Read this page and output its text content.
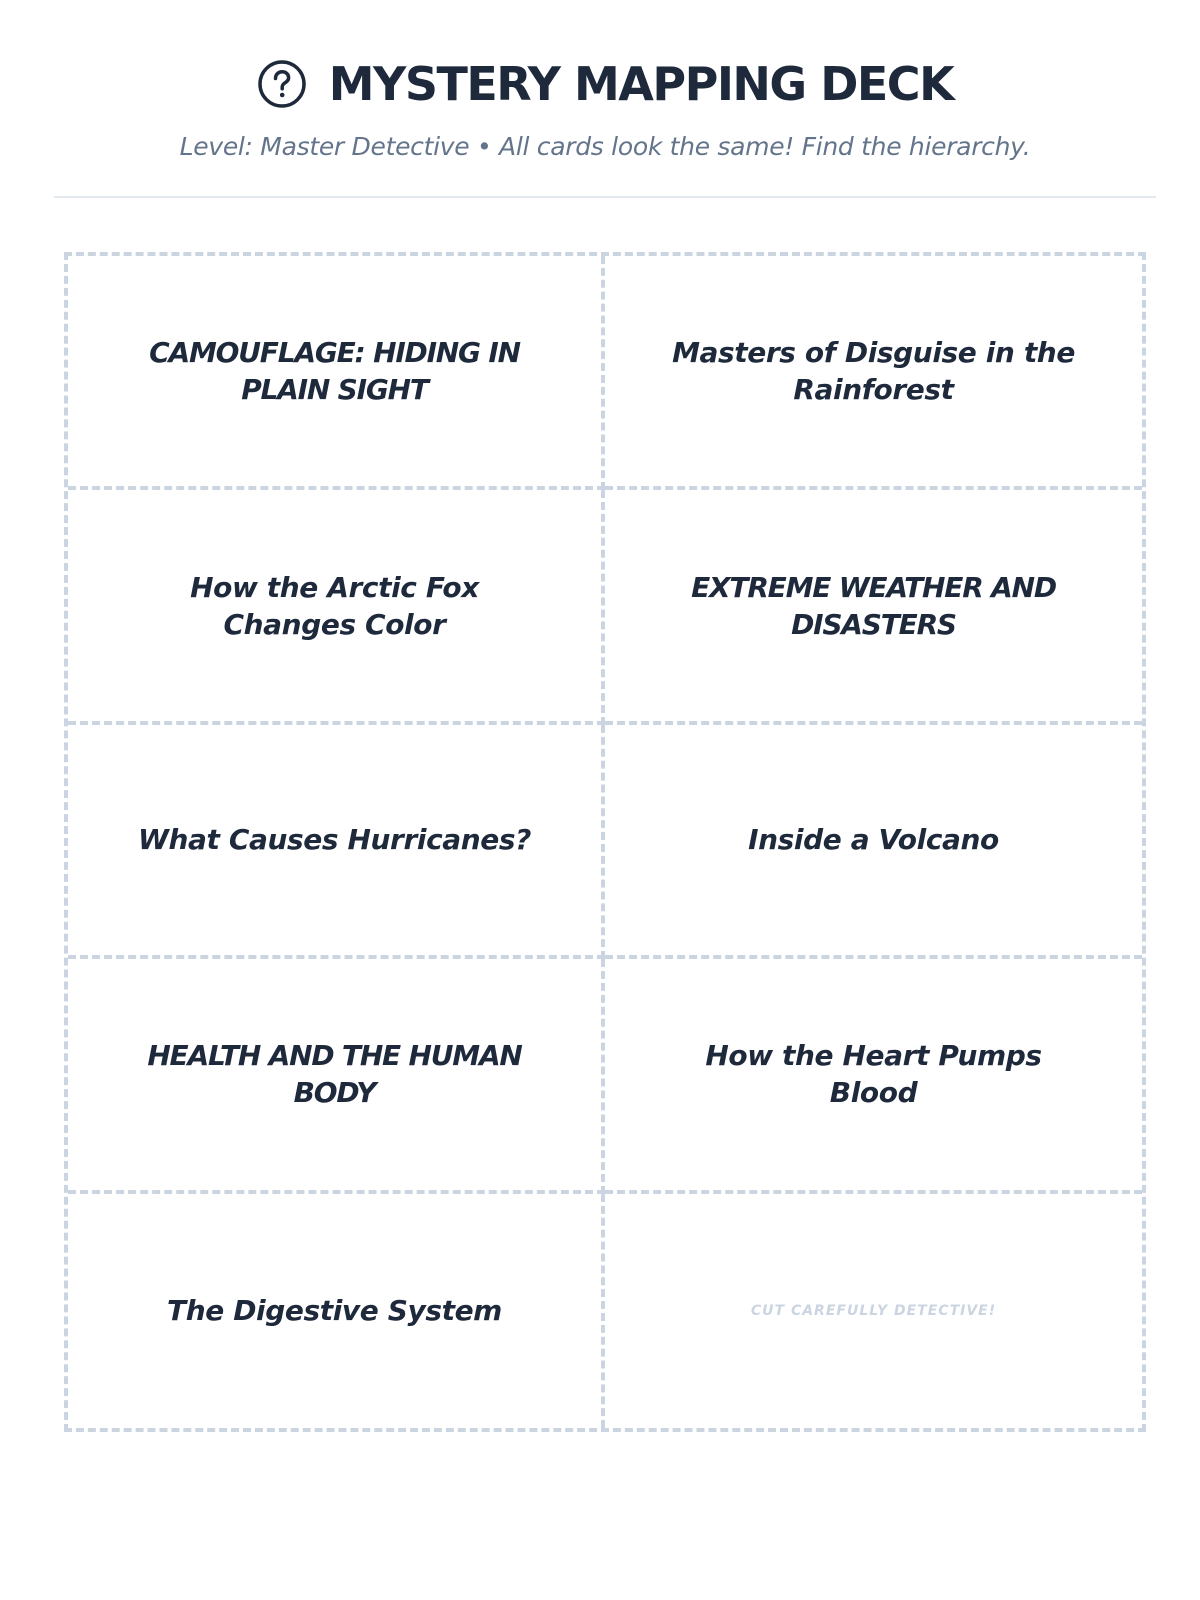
MYSTERY MAPPING DECK
Level: Master Detective • All cards look the same! Find the hierarchy.
CAMOUFLAGE: HIDING IN PLAIN SIGHT
Masters of Disguise in the Rainforest
How the Arctic Fox Changes Color
EXTREME WEATHER AND DISASTERS
What Causes Hurricanes?	Inside a Volcano
HEALTH AND THE HUMAN BODY
How the Heart Pumps Blood
The Digestive System	CUT CAREFULLY DETECTIVE!
